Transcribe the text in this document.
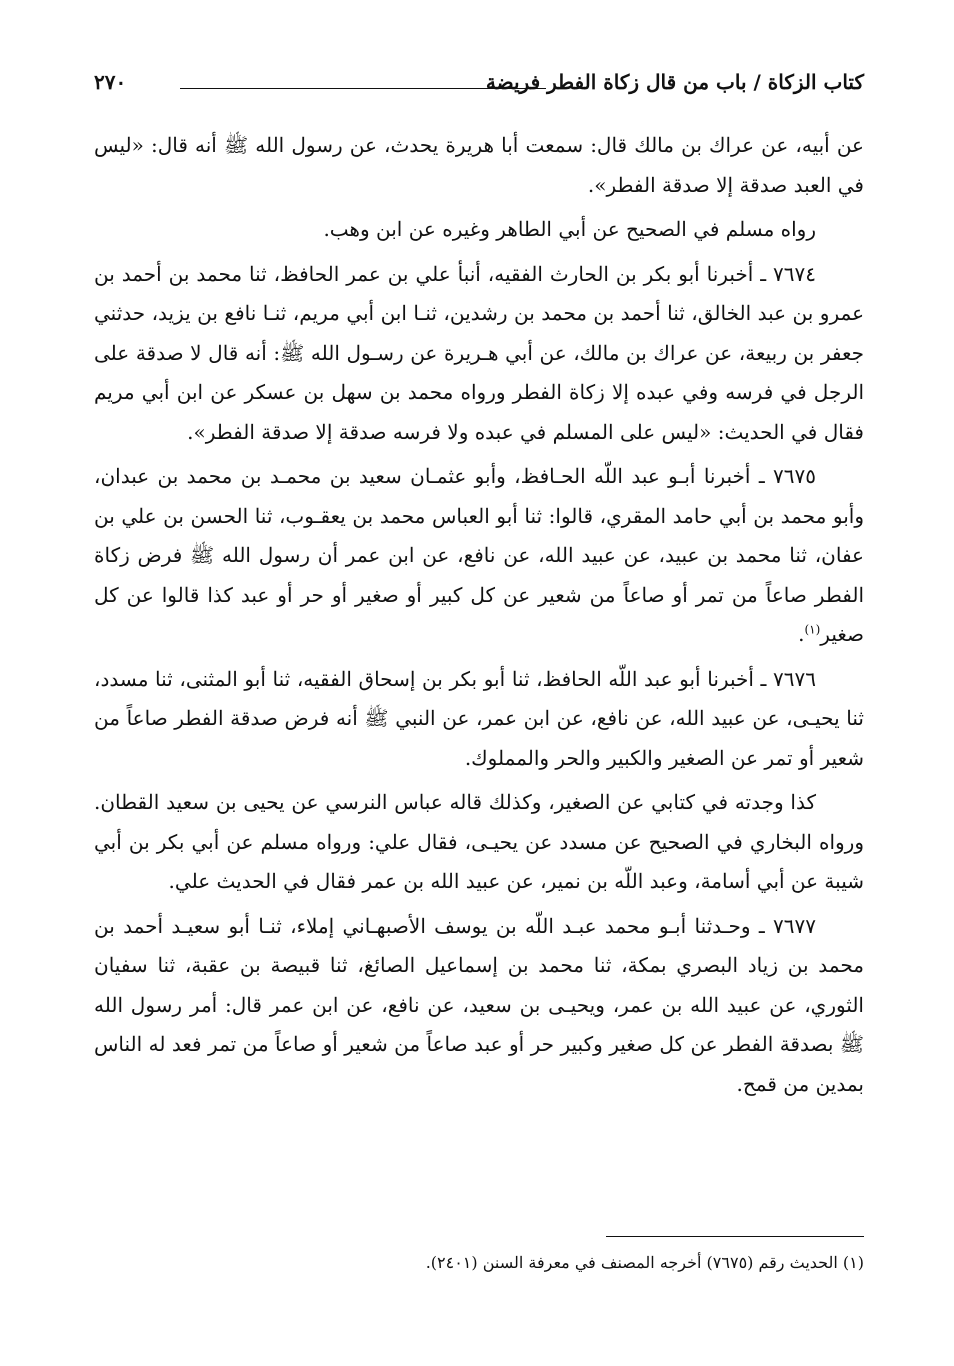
٢٧٠	كتاب الزكاة / باب من قال زكاة الفطر فريضة

عن أبيه، عن عراك بن مالك قال: سمعت أبا هريرة يحدث، عن رسول الله ﷺ أنه قال: «ليس في العبد صدقة إلا صدقة الفطر».

رواه مسلم في الصحيح عن أبي الطاهر وغيره عن ابن وهب.

٧٦٧٤ ـ أخبرنا أبو بكر بن الحارث الفقيه، أنبأ علي بن عمر الحافظ، ثنا محمد بن أحمد بن عمرو بن عبد الخالق، ثنا أحمد بن محمد بن رشدين، ثنـا ابن أبي مريم، ثنـا نافع بن يزيد، حدثني جعفر بن ربيعة، عن عراك بن مالك، عن أبي هـريرة عن رسـول الله ﷺ: أنه قال لا صدقة على الرجل في فرسه وفي عبده إلا زكاة الفطر ورواه محمد بن سهل بن عسكر عن ابن أبي مريم فقال في الحديث: «ليس على المسلم في عبده ولا فرسه صدقة إلا صدقة الفطر».

٧٦٧٥ ـ أخبرنا أبـو عبد اللّه الحـافظ، وأبو عثمـان سعيد بن محمـد بن محمد بن عبدان، وأبو محمد بن أبي حامد المقري، قالوا: ثنا أبو العباس محمد بن يعقـوب، ثنا الحسن بن علي بن عفان، ثنا محمد بن عبيد، عن عبيد الله، عن نافع، عن ابن عمر أن رسول الله ﷺ فرض زكاة الفطر صاعاً من تمر أو صاعاً من شعير عن كل كبير أو صغير أو حر أو عبد كذا قالوا عن كل صغير$^{(١)}$.

٧٦٧٦ ـ أخبرنا أبو عبد اللّه الحافظ، ثنا أبو بكر بن إسحاق الفقيه، ثنا أبو المثنى، ثنا مسدد، ثنا يحيـى، عن عبيد الله، عن نافع، عن ابن عمر، عن النبي ﷺ أنه فرض صدقة الفطر صاعاً من شعير أو تمر عن الصغير والكبير والحر والمملوك.

كذا وجدته في كتابي عن الصغير، وكذلك قاله عباس النرسي عن يحيى بن سعيد القطان. ورواه البخاري في الصحيح عن مسدد عن يحيـى، فقال علي: ورواه مسلم عن أبي بكر بن أبي شيبة عن أبي أسامة، وعبد اللّه بن نمير، عن عبيد الله بن عمر فقال في الحديث علي.

٧٦٧٧ ـ وحـدثنا أبـو محمد عبـد اللّه بن يوسف الأصبهـاني إملاء، ثنـا أبو سعيـد أحمد بن محمد بن زياد البصري بمكة، ثنا محمد بن إسماعيل الصائغ، ثنا قبيصة بن عقبة، ثنا سفيان الثوري، عن عبيد الله بن عمر، ويحيـى بن سعيد، عن نافع، عن ابن عمر قال: أمر رسول الله ﷺ بصدقة الفطر عن كل صغير وكبير حر أو عبد صاعاً من شعير أو صاعاً من تمر فعد له الناس بمدين من قمح.

(١) الحديث رقم (٧٦٧٥) أخرجه المصنف في معرفة السنن (٢٤٠١).
